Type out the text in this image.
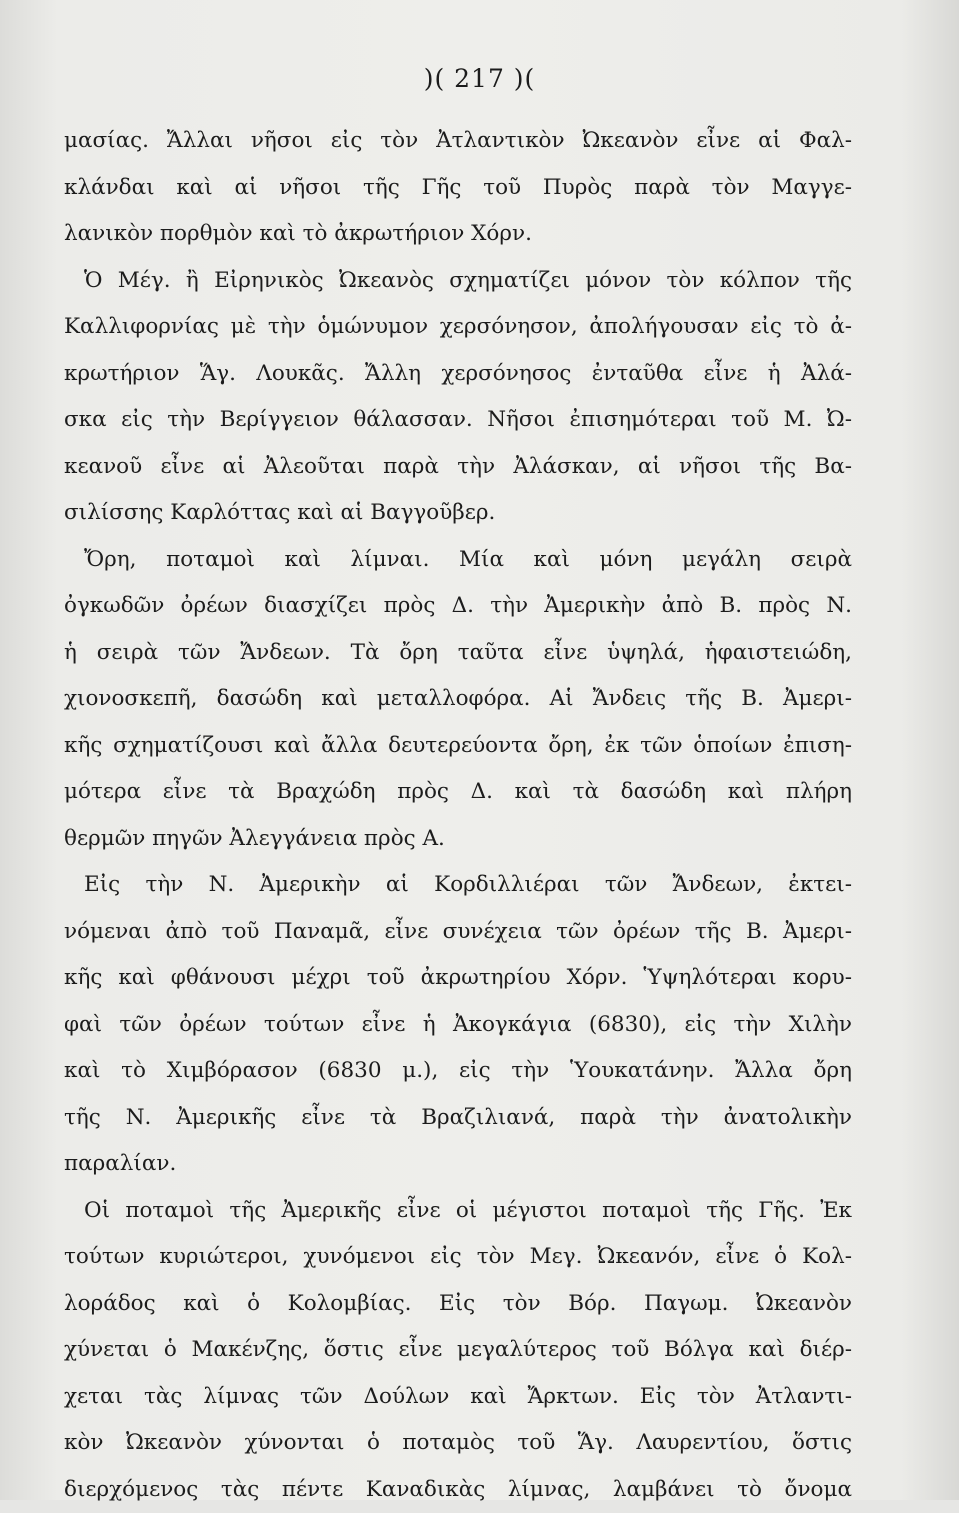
)( 217 )(
μασίας. Ἄλλαι νῆσοι εἰς τὸν Ἀτλαντικὸν Ὠκεανὸν εἶνε αἱ Φαλ-
κλάνδαι καὶ αἱ νῆσοι τῆς Γῆς τοῦ Πυρὸς παρὰ τὸν Μαγγε-
λανικὸν πορθμὸν καὶ τὸ ἀκρωτήριον Χόρν.
Ὁ Μέγ. ἢ Εἰρηνικὸς Ὠκεανὸς σχηματίζει μόνον τὸν κόλπον τῆς
Καλλιφορνίας μὲ τὴν ὁμώνυμον χερσόνησον, ἀπολήγουσαν εἰς τὸ ἀ-
κρωτήριον Ἅγ. Λουκᾶς. Ἄλλη χερσόνησος ἐνταῦθα εἶνε ἡ Ἀλά-
σκα εἰς τὴν Βερίγγειον θάλασσαν. Νῆσοι ἐπισημότεραι τοῦ Μ. Ὠ-
κεανοῦ εἶνε αἱ Ἀλεοῦται παρὰ τὴν Ἀλάσκαν, αἱ νῆσοι τῆς Βα-
σιλίσσης Καρλόττας καὶ αἱ Βαγγοῦβερ.
Ὄρη, ποταμοὶ καὶ λίμναι. Μία καὶ μόνη μεγάλη σειρὰ
ὀγκωδῶν ὀρέων διασχίζει πρὸς Δ. τὴν Ἀμερικὴν ἀπὸ Β. πρὸς Ν.
ἡ σειρὰ τῶν Ἄνδεων. Τὰ ὄρη ταῦτα εἶνε ὑψηλά, ἡφαιστειώδη,
χιονοσκεπῆ, δασώδη καὶ μεταλλοφόρα. Αἱ Ἄνδεις τῆς Β. Ἀμερι-
κῆς σχηματίζουσι καὶ ἄλλα δευτερεύοντα ὄρη, ἐκ τῶν ὁποίων ἐπιση-
μότερα εἶνε τὰ Βραχώδη πρὸς Δ. καὶ τὰ δασώδη καὶ πλήρη
θερμῶν πηγῶν Ἀλεγγάνεια πρὸς Α.
Εἰς τὴν Ν. Ἀμερικὴν αἱ Κορδιλλιέραι τῶν Ἄνδεων, ἐκτει-
νόμεναι ἀπὸ τοῦ Παναμᾶ, εἶνε συνέχεια τῶν ὀρέων τῆς Β. Ἀμερι-
κῆς καὶ φθάνουσι μέχρι τοῦ ἀκρωτηρίου Χόρν. Ὑψηλότεραι κορυ-
φαὶ τῶν ὀρέων τούτων εἶνε ἡ Ἀκογκάγια (6830), εἰς τὴν Χιλὴν
καὶ τὸ Χιμβόρασον (6830 μ.), εἰς τὴν Ὑουκατάνην. Ἄλλα ὄρη
τῆς Ν. Ἀμερικῆς εἶνε τὰ Βραζιλιανά, παρὰ τὴν ἀνατολικὴν
παραλίαν.
Οἱ ποταμοὶ τῆς Ἀμερικῆς εἶνε οἱ μέγιστοι ποταμοὶ τῆς Γῆς. Ἐκ
τούτων κυριώτεροι, χυνόμενοι εἰς τὸν Μεγ. Ὠκεανόν, εἶνε ὁ Κολ-
λοράδος καὶ ὁ Κολομβίας. Εἰς τὸν Βόρ. Παγωμ. Ὠκεανὸν
χύνεται ὁ Μακένζης, ὅστις εἶνε μεγαλύτερος τοῦ Βόλγα καὶ διέρ-
χεται τὰς λίμνας τῶν Δούλων καὶ Ἄρκτων. Εἰς τὸν Ἀτλαντι-
κὸν Ὠκεανὸν χύνονται ὁ ποταμὸς τοῦ Ἅγ. Λαυρεντίου, ὅστις
διερχόμενος τὰς πέντε Καναδικὰς λίμνας, λαμβάνει τὸ ὄνομα
